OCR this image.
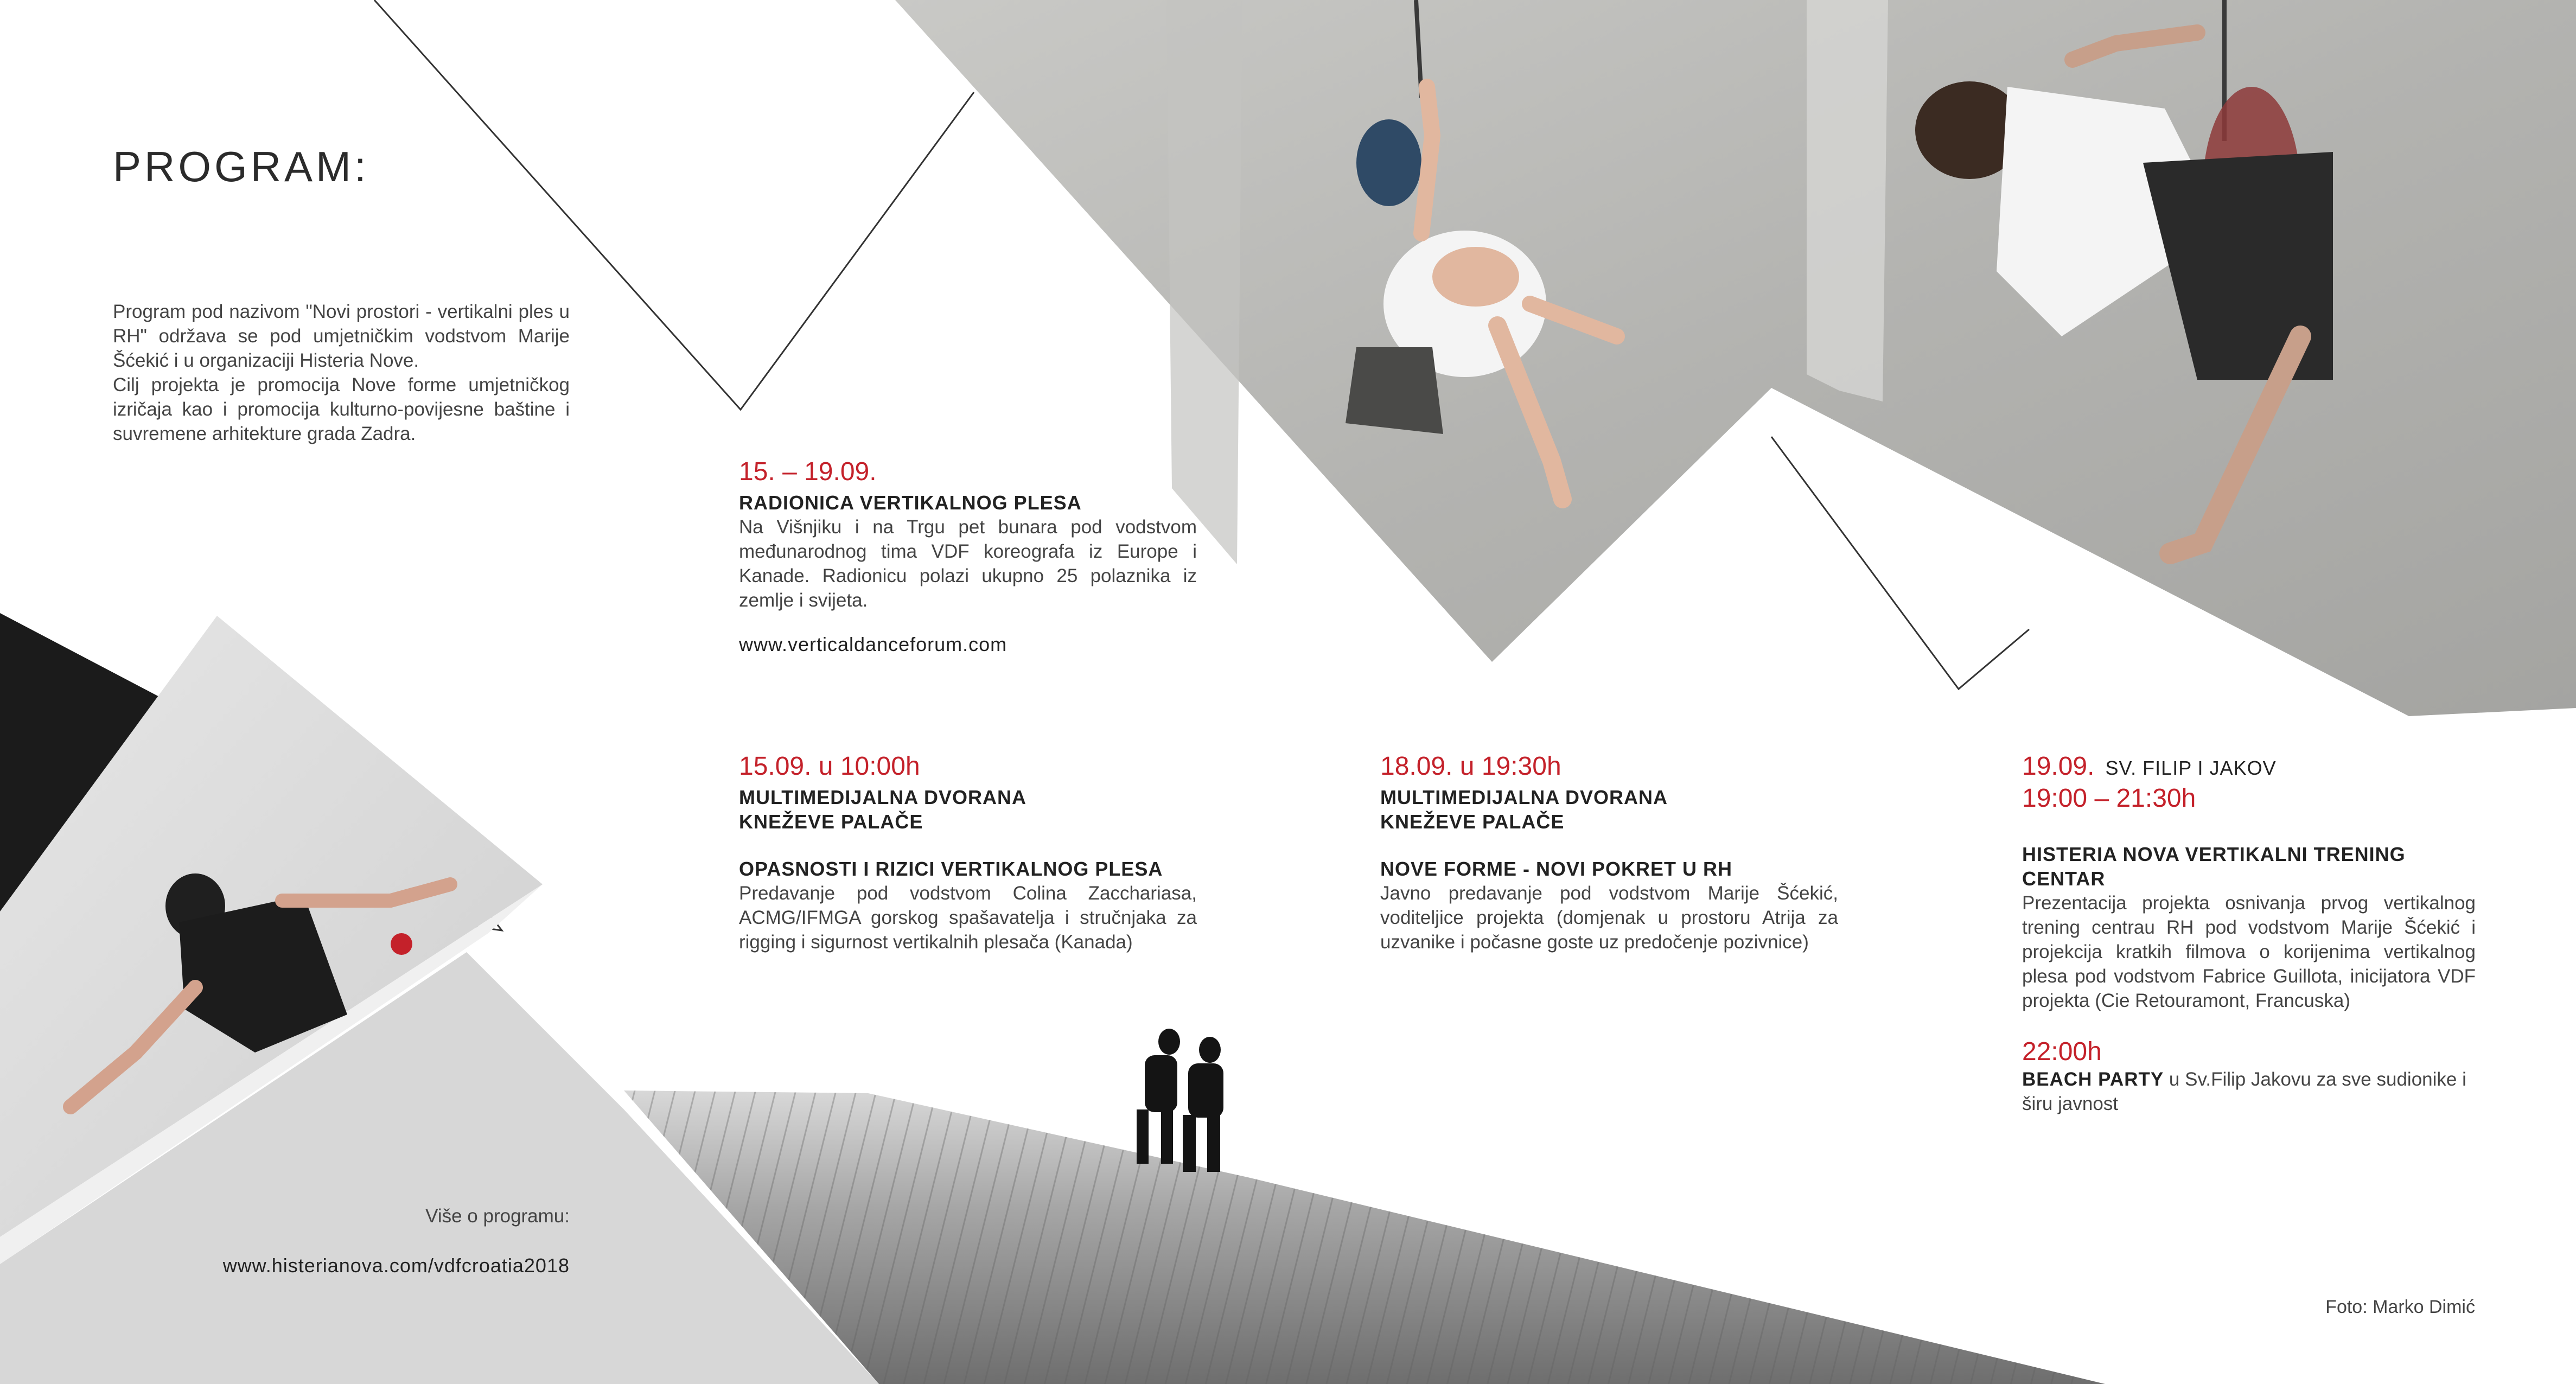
PROGRAM:

Program pod nazivom "Novi prostori - vertikalni ples u RH" održava se pod umjetničkim vodstvom Marije Šćekić i u organizaciji Histeria Nove.

Cilj projekta je promocija Nove forme umjetničkog izričaja kao i promocija kulturno-povijesne baštine i suvremene arhitekture grada Zadra.

15. – 19.09.
RADIONICA VERTIKALNOG PLESA
Na Višnjiku i na Trgu pet bunara pod vodstvom međunarodnog tima VDF koreografa iz Europe i Kanade. Radionicu polazi ukupno 25 polaznika iz zemlje i svijeta.
www.verticaldanceforum.com
15.09. u 10:00h
MULTIMEDIJALNA DVORANA
KNEŽEVE PALAČE
OPASNOSTI I RIZICI VERTIKALNOG PLESA
Predavanje pod vodstvom Colina Zacchariasa, ACMG/IFMGA gorskog spašavatelja i stručnjaka za rigging i sigurnost vertikalnih plesača (Kanada)
18.09. u 19:30h
MULTIMEDIJALNA DVORANA
KNEŽEVE PALAČE
NOVE FORME - NOVI POKRET U RH
Javno predavanje pod vodstvom Marije Šćekić, voditeljice projekta (domjenak u prostoru Atrija za uzvanike i počasne goste uz predočenje pozivnice)
19.09. SV. FILIP I JAKOV
19:00 – 21:30h
HISTERIA NOVA VERTIKALNI TRENING CENTAR
Prezentacija projekta osnivanja prvog vertikalnog trening centrau RH pod vodstvom Marije Šćekić i projekcija kratkih filmova o korijenima vertikalnog plesa pod vodstvom Fabrice Guillota, inicijatora VDF projekta (Cie Retouramont, Francuska)
22:00h
BEACH PARTY u Sv.Filip Jakovu za sve sudionike i širu javnost
Više o programu:
www.histerianova.com/vdfcroatia2018
Foto: Marko Dimić
